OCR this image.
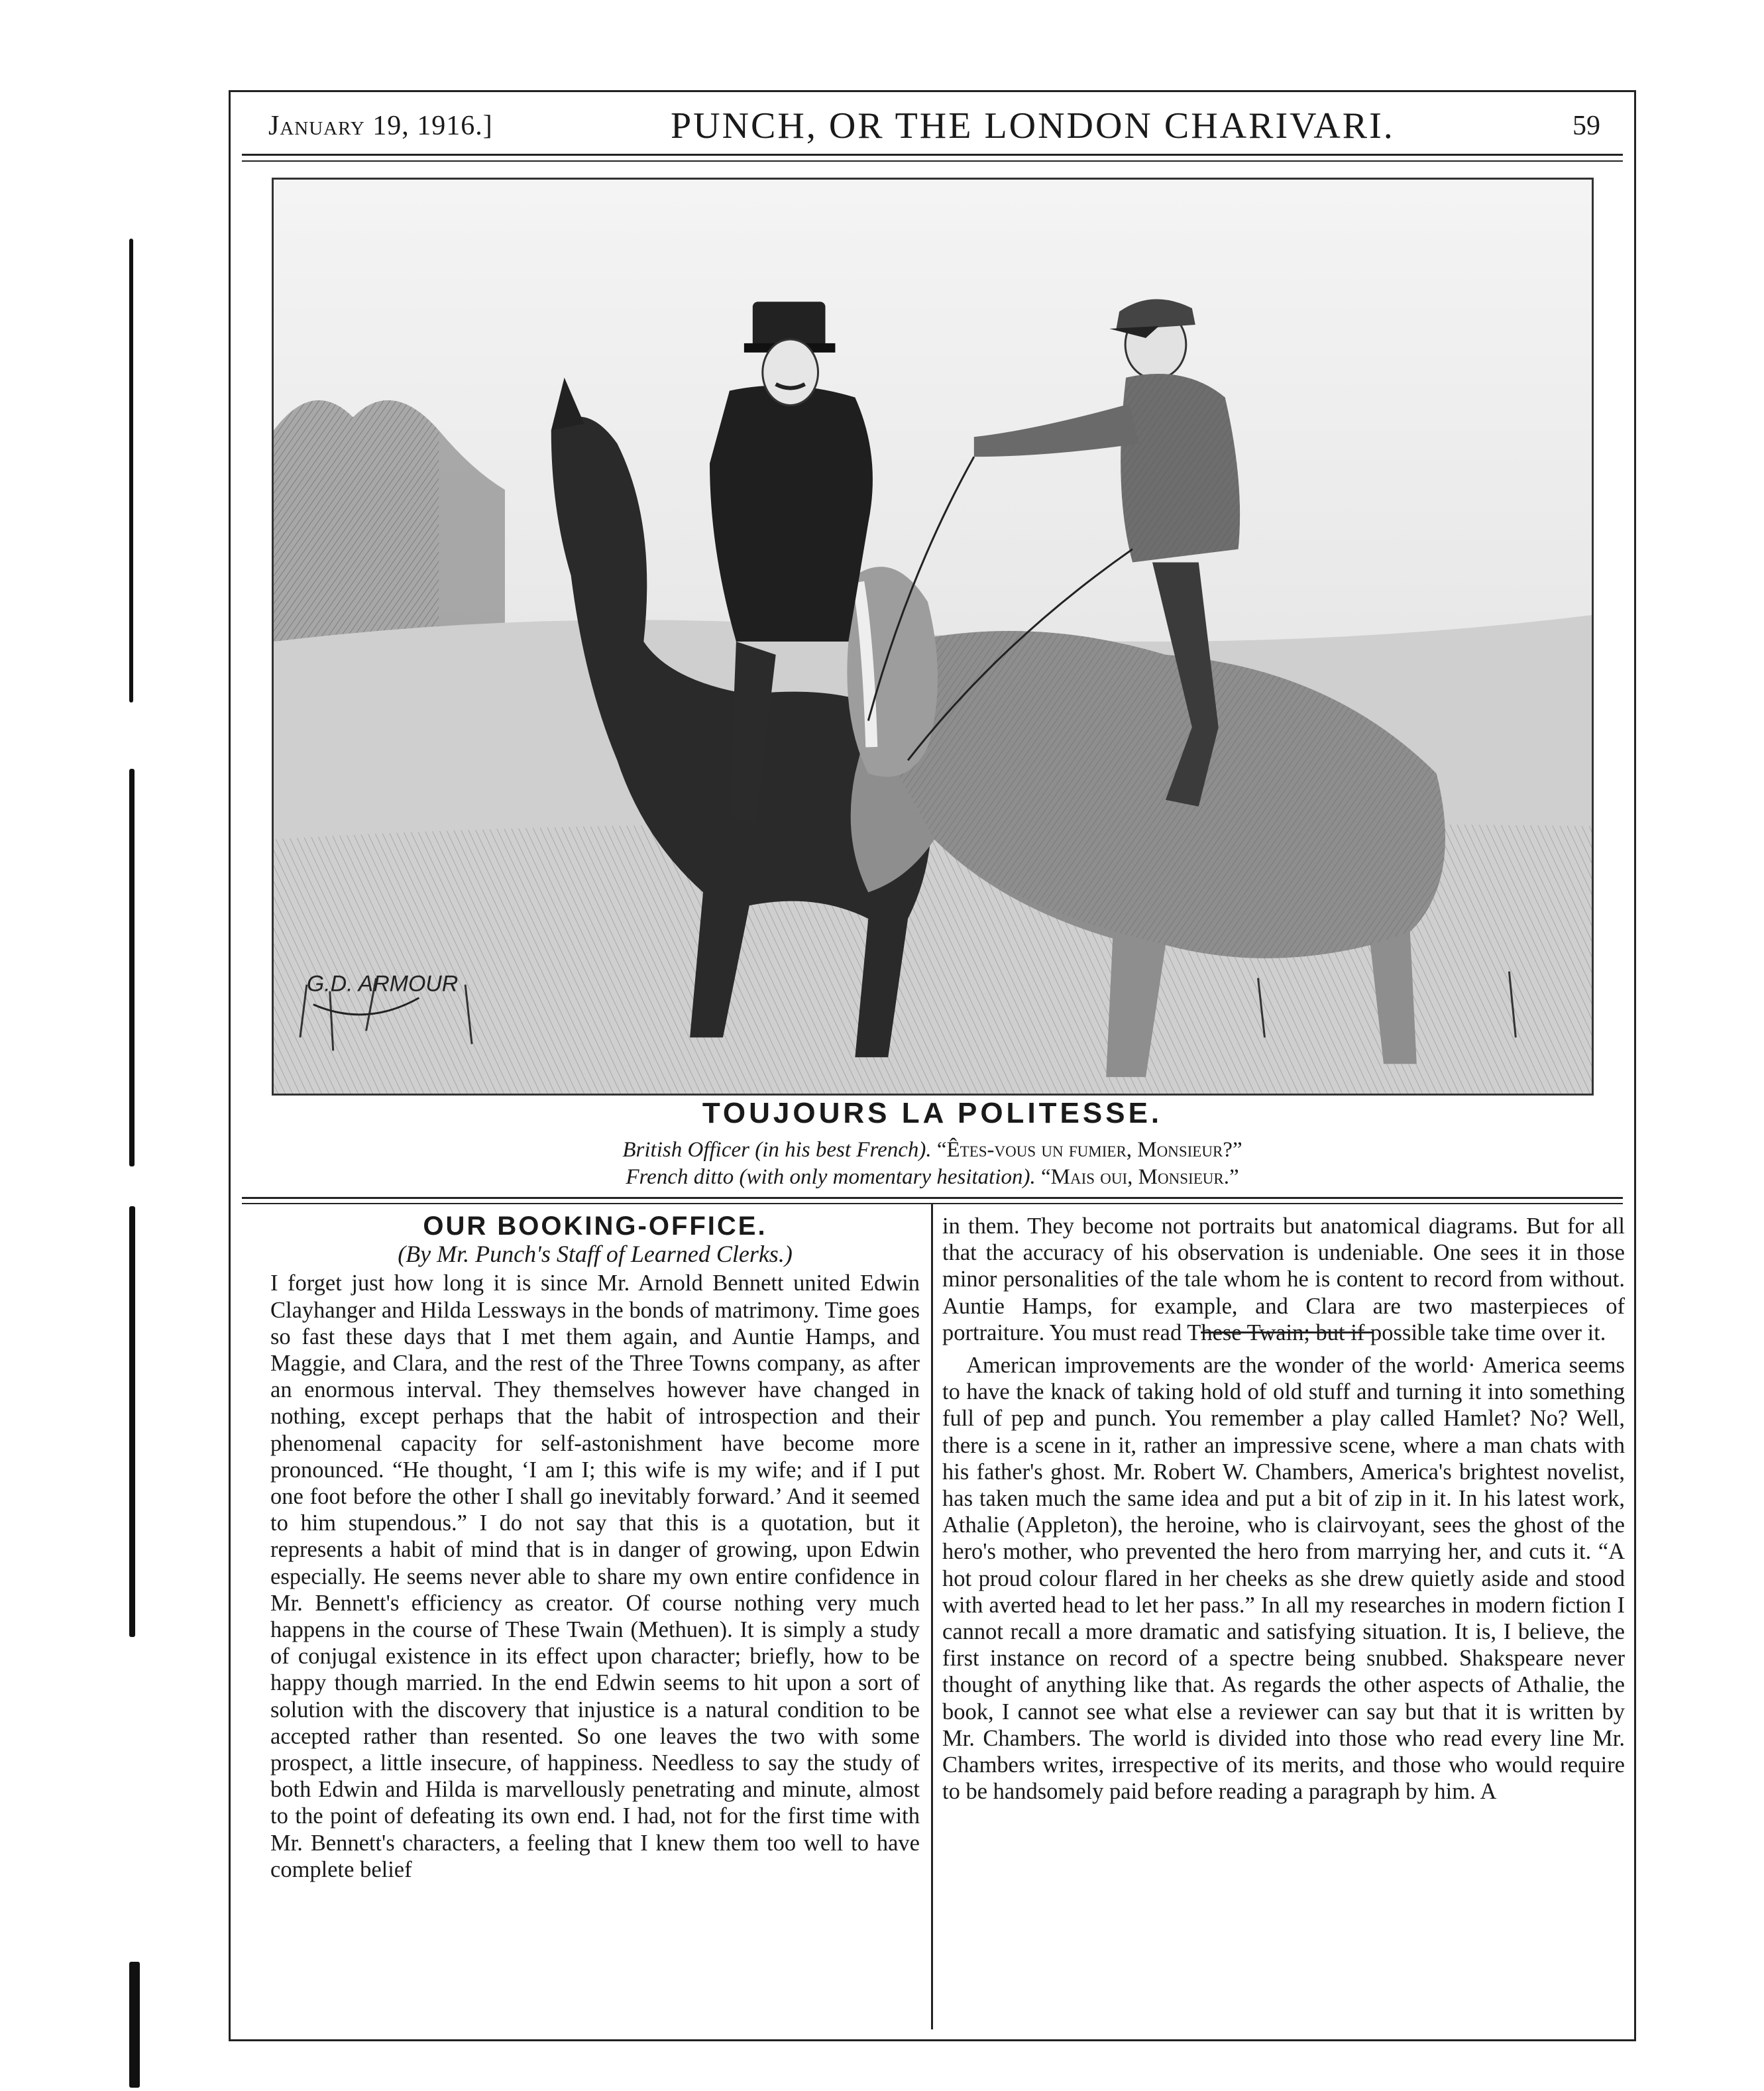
January 19, 1916.]	PUNCH, OR THE LONDON CHARIVARI.	59
G.D. ARMOUR
TOUJOURS LA POLITESSE.
British Officer (in his best French). “Êtes-vous un fumier, Monsieur?”
French ditto (with only momentary hesitation). “Mais oui, Monsieur.”
OUR BOOKING-OFFICE.
(By Mr. Punch's Staff of Learned Clerks.)

I forget just how long it is since Mr. Arnold Bennett united Edwin Clayhanger and Hilda Lessways in the bonds of matrimony. Time goes so fast these days that I met them again, and Auntie Hamps, and Maggie, and Clara, and the rest of the Three Towns company, as after an enormous interval. They themselves however have changed in nothing, except perhaps that the habit of introspection and their phenomenal capacity for self-astonishment have become more pronounced. “He thought, ‘I am I; this wife is my wife; and if I put one foot before the other I shall go inevitably forward.’ And it seemed to him stupendous.” I do not say that this is a quotation, but it represents a habit of mind that is in danger of growing, upon Edwin especially. He seems never able to share my own entire confidence in Mr. Bennett's efficiency as creator. Of course nothing very much happens in the course of These Twain (Methuen). It is simply a study of conjugal existence in its effect upon character; briefly, how to be happy though married. In the end Edwin seems to hit upon a sort of solution with the discovery that injustice is a natural condition to be accepted rather than resented. So one leaves the two with some prospect, a little insecure, of happiness. Needless to say the study of both Edwin and Hilda is marvellously penetrating and minute, almost to the point of defeating its own end. I had, not for the first time with Mr. Bennett's characters, a feeling that I knew them too well to have complete belief

in them. They become not portraits but anatomical diagrams. But for all that the accuracy of his observation is undeniable. One sees it in those minor personalities of the tale whom he is content to record from without. Auntie Hamps, for example, and Clara are two masterpieces of portraiture. You must read These Twain; but if possible take time over it.

American improvements are the wonder of the world· America seems to have the knack of taking hold of old stuff and turning it into something full of pep and punch. You remember a play called Hamlet? No? Well, there is a scene in it, rather an impressive scene, where a man chats with his father's ghost. Mr. Robert W. Chambers, America's brightest novelist, has taken much the same idea and put a bit of zip in it. In his latest work, Athalie (Appleton), the heroine, who is clairvoyant, sees the ghost of the hero's mother, who prevented the hero from marrying her, and cuts it. “A hot proud colour flared in her cheeks as she drew quietly aside and stood with averted head to let her pass.” In all my researches in modern fiction I cannot recall a more dramatic and satisfying situation. It is, I believe, the first instance on record of a spectre being snubbed. Shakspeare never thought of anything like that. As regards the other aspects of Athalie, the book, I cannot see what else a reviewer can say but that it is written by Mr. Chambers. The world is divided into those who read every line Mr. Chambers writes, irrespective of its merits, and those who would require to be handsomely paid before reading a paragraph by him. A
